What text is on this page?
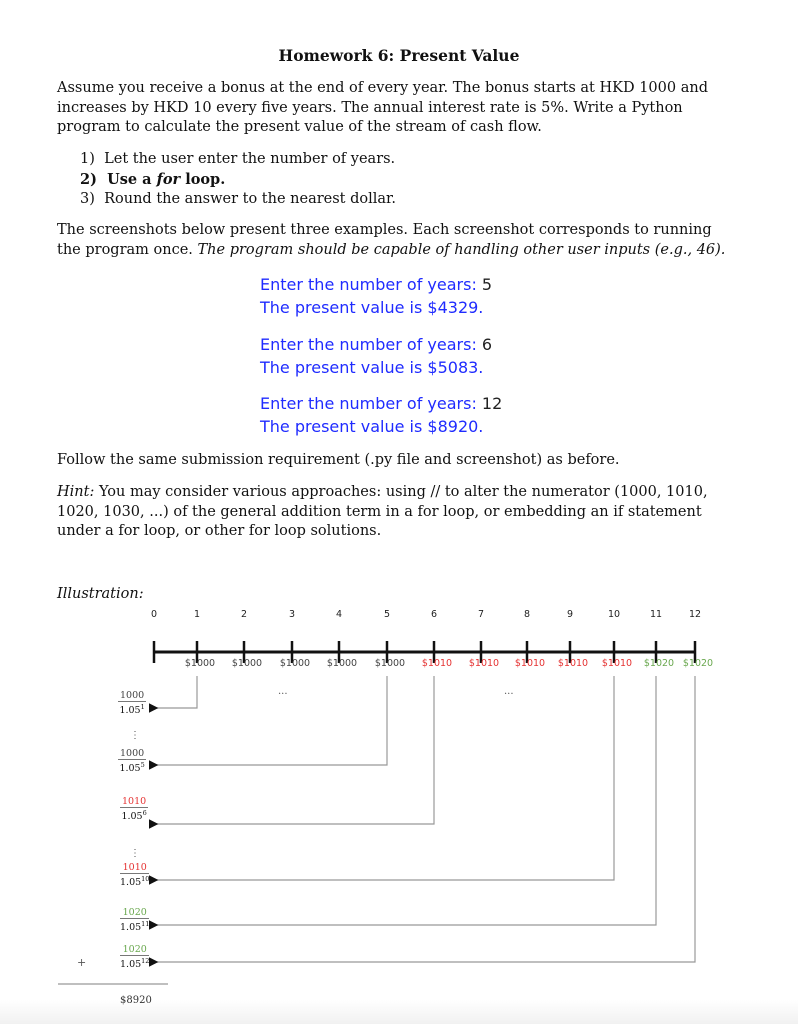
Homework 6: Present Value
Assume you receive a bonus at the end of every year. The bonus starts at HKD 1000 and increases by HKD 10 every five years. The annual interest rate is 5%. Write a Python program to calculate the present value of the stream of cash flow.
1) Let the user enter the number of years.
2) Use a for loop.
3) Round the answer to the nearest dollar.
The screenshots below present three examples. Each screenshot corresponds to running the program once. The program should be capable of handling other user inputs (e.g., 46).
Enter the number of years: 5
The present value is $4329.
Enter the number of years: 6
The present value is $5083.
Enter the number of years: 12
The present value is $8920.
Follow the same submission requirement (.py file and screenshot) as before.
Hint: You may consider various approaches: using // to alter the numerator (1000, 1010, 1020, 1030, ...) of the general addition term in a for loop, or embedding an if statement under a for loop, or other for loop solutions.
Illustration:
0	1
$1000
2
$1000
3
$1000
4
$1000
5
$1000
6
$1010
7
$1010
8
$1010
9
$1010
10
$1010
11
$1020
12
$1020
$\frac{1000}{1.05^1}$
$\frac{1000}{1.05^5}$
$\frac{1010}{1.05^6}$
$\frac{1010}{1.05^{10}}$
$\frac{1020}{1.05^{11}}$
$\frac{1020}{1.05^{12}}$
...	...
⋮
⋮
+
$8920
